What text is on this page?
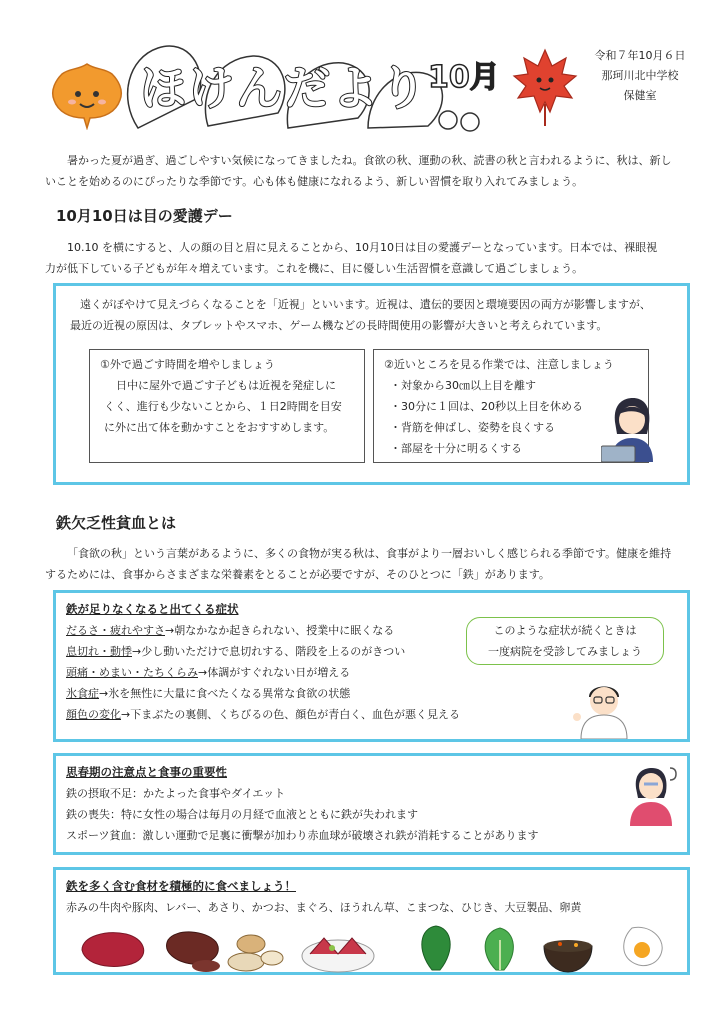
ほけんだより 10月
令和７年10月６日
那珂川北中学校
保健室
暑かった夏が過ぎ、過ごしやすい気候になってきましたね。食欲の秋、運動の秋、読書の秋と言われるように、秋は、新し
いことを始めるのにぴったりな季節です。心も体も健康になれるよう、新しい習慣を取り入れてみましょう。
10月10日は目の愛護デー
10.10 を横にすると、人の顔の目と眉に見えることから、10月10日は目の愛護デーとなっています。日本では、裸眼視
力が低下している子どもが年々増えています。これを機に、目に優しい生活習慣を意識して過ごしましょう。
遠くがぼやけて見えづらくなることを「近視」といいます。近視は、遺伝的要因と環境要因の両方が影響しますが、
最近の近視の原因は、タブレットやスマホ、ゲーム機などの長時間使用の影響が大きいと考えられています。
①外で過ごす時間を増やしましょう
日中に屋外で過ごす子どもは近視を発症しに
くく、進行も少ないことから、１日2時間を目安
に外に出て体を動かすことをおすすめします。
②近いところを見る作業では、注意しましょう
・対象から30㎝以上目を離す
・30分に１回は、20秒以上目を休める
・背筋を伸ばし、姿勢を良くする
・部屋を十分に明るくする
鉄欠乏性貧血とは
「食欲の秋」という言葉があるように、多くの食物が実る秋は、食事がより一層おいしく感じられる季節です。健康を維持
するためには、食事からさまざまな栄養素をとることが必要ですが、そのひとつに「鉄」があります。
鉄が足りなくなると出てくる症状
だるさ・疲れやすさ→朝なかなか起きられない、授業中に眠くなる
息切れ・動悸→少し動いただけで息切れする、階段を上るのがきつい
頭痛・めまい・たちくらみ→体調がすぐれない日が増える
氷食症→氷を無性に大量に食べたくなる異常な食欲の状態
顔色の変化→下まぶたの裏側、くちびるの色、顔色が青白く、血色が悪く見える
このような症状が続くときは
一度病院を受診してみましょう
思春期の注意点と食事の重要性
鉄の摂取不足：かたよった食事やダイエット
鉄の喪失：特に女性の場合は毎月の月経で血液とともに鉄が失われます
スポーツ貧血：激しい運動で足裏に衝撃が加わり赤血球が破壊され鉄が消耗することがあります
鉄を多く含む食材を積極的に食べましょう！
赤みの牛肉や豚肉、レバー、あさり、かつお、まぐろ、ほうれん草、こまつな、ひじき、大豆製品、卵黄
